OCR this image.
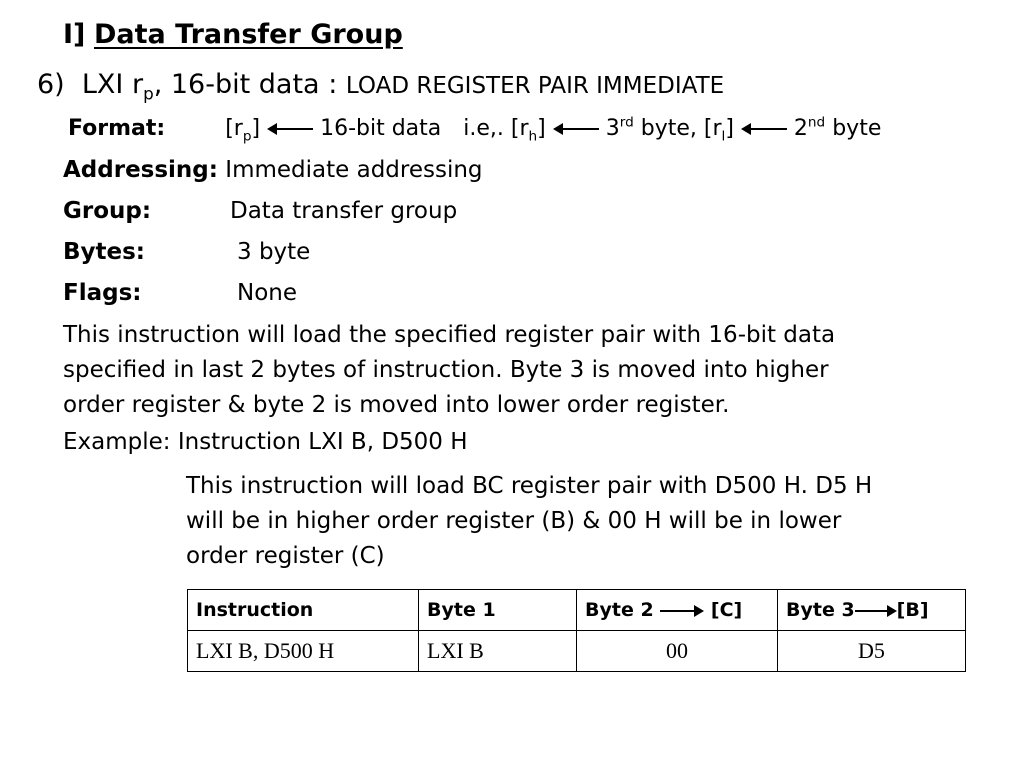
I] Data Transfer Group
6) LXI $r_p$, 16-bit data : LOAD REGISTER PAIR IMMEDIATE
Format:	$[r_p]$	16-bit data i.e,. $[r_h]$	3rd byte, $[r_l]$	2nd byte
Addressing: Immediate addressing
Group:	Data transfer group
Bytes:	3 byte
Flags:	None
This instruction will load the specified register pair with 16-bit data
specified in last 2 bytes of instruction. Byte 3 is moved into higher
order register & byte 2 is moved into lower order register.
Example: Instruction LXI B, D500 H
This instruction will load BC register pair with D500 H. D5 H
will be in higher order register (B) & 00 H will be in lower
order register (C)
Instruction	Byte 1	Byte 2 [C]	Byte 3 [B]
LXI B, D500 H	LXI B	00	D5
